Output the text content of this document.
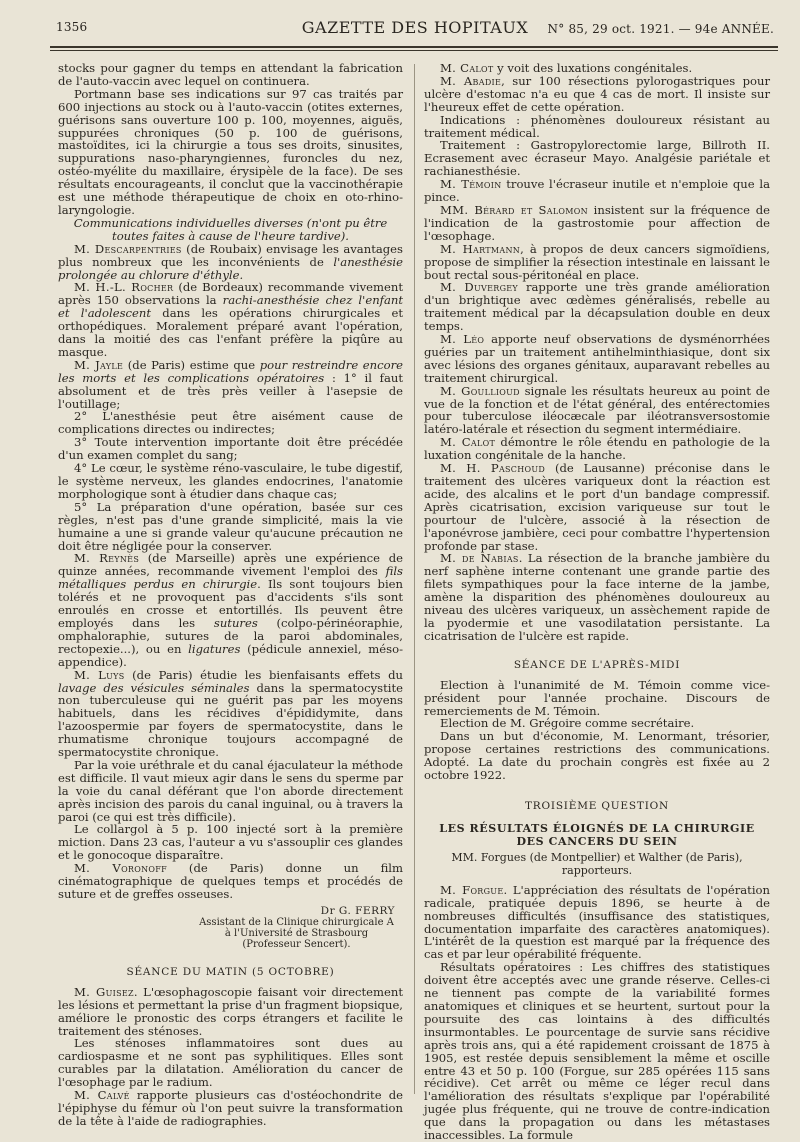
1356	GAZETTE DES HOPITAUX	N° 85, 29 oct. 1921. — 94e ANNÉE.

stocks pour gagner du temps en attendant la fabrication de l'auto-vaccin avec lequel on continuera.

Portmann base ses indications sur 97 cas traités par 600 injections au stock ou à l'auto-vaccin (otites externes, guérisons sans ouverture 100 p. 100, moyennes, aiguës, suppurées chroniques (50 p. 100 de guérisons, mastoïdites, ici la chirurgie a tous ses droits, sinusites, suppurations naso-pharyngiennes, furoncles du nez, ostéo-myélite du maxillaire, érysipèle de la face). De ses résultats encourageants, il conclut que la vaccinothérapie est une méthode thérapeutique de choix en oto-rhino-laryngologie.

Communications individuelles diverses (n'ont pu être toutes faites à cause de l'heure tardive).

M. Descarpentries (de Roubaix) envisage les avantages plus nombreux que les inconvénients de l'anesthésie prolongée au chlorure d'éthyle.

M. H.-L. Rocher (de Bordeaux) recommande vivement après 150 observations la rachi-anesthésie chez l'enfant et l'adolescent dans les opérations chirurgicales et orthopédiques. Moralement préparé avant l'opération, dans la moitié des cas l'enfant préfère la piqûre au masque.

M. Jayle (de Paris) estime que pour restreindre encore les morts et les complications opératoires : 1° il faut absolument et de très près veiller à l'asepsie de l'outillage;

2° L'anesthésie peut être aisément cause de complications directes ou indirectes;

3° Toute intervention importante doit être précédée d'un examen complet du sang;

4° Le cœur, le système réno-vasculaire, le tube digestif, le système nerveux, les glandes endocrines, l'anatomie morphologique sont à étudier dans chaque cas;

5° La préparation d'une opération, basée sur ces règles, n'est pas d'une grande simplicité, mais la vie humaine a une si grande valeur qu'aucune précaution ne doit être négligée pour la conserver.

M. Reynès (de Marseille) après une expérience de quinze années, recommande vivement l'emploi des fils métalliques perdus en chirurgie. Ils sont toujours bien tolérés et ne provoquent pas d'accidents s'ils sont enroulés en crosse et entortillés. Ils peuvent être employés dans les sutures (colpo-périnéoraphie, omphaloraphie, sutures de la paroi abdominales, rectopexie...), ou en ligatures (pédicule annexiel, méso-appendice).

M. Luys (de Paris) étudie les bienfaisants effets du lavage des vésicules séminales dans la spermatocystite non tuberculeuse qui ne guérit pas par les moyens habituels, dans les récidives d'épididymite, dans l'azoospermie par foyers de spermatocystite, dans le rhumatisme chronique toujours accompagné de spermatocystite chronique.

Par la voie uréthrale et du canal éjaculateur la méthode est difficile. Il vaut mieux agir dans le sens du sperme par la voie du canal déférant que l'on aborde directement après incision des parois du canal inguinal, ou à travers la paroi (ce qui est très difficile).

Le collargol à 5 p. 100 injecté sort à la première miction. Dans 23 cas, l'auteur a vu s'assouplir ces glandes et le gonocoque disparaître.

M. Voronoff (de Paris) donne un film cinématographique de quelques temps et procédés de suture et de greffes osseuses.

Dr G. FERRY
Assistant de la Clinique chirurgicale A
à l'Université de Strasbourg
(Professeur Sencert).
SÉANCE DU MATIN (5 OCTOBRE)

M. Guisez. L'œsophagoscopie faisant voir directement les lésions et permettant la prise d'un fragment biopsique, améliore le pronostic des corps étrangers et facilite le traitement des sténoses.

Les sténoses inflammatoires sont dues au cardiospasme et ne sont pas syphilitiques. Elles sont curables par la dilatation. Amélioration du cancer de l'œsophage par le radium.

M. Calvé rapporte plusieurs cas d'ostéochondrite de l'épiphyse du fémur où l'on peut suivre la transformation de la tête à l'aide de radiographies.

M. Calot y voit des luxations congénitales.

M. Abadie, sur 100 résections pylorogastriques pour ulcère d'estomac n'a eu que 4 cas de mort. Il insiste sur l'heureux effet de cette opération.

Indications : phénomènes douloureux résistant au traitement médical.

Traitement : Gastropylorectomie large, Billroth II. Ecrasement avec écraseur Mayo. Analgésie pariétale et rachianesthésie.

M. Témoin trouve l'écraseur inutile et n'emploie que la pince.

MM. Bérard et Salomon insistent sur la fréquence de l'indication de la gastrostomie pour affection de l'œsophage.

M. Hartmann, à propos de deux cancers sigmoïdiens, propose de simplifier la résection intestinale en laissant le bout rectal sous-péritonéal en place.

M. Duvergey rapporte une très grande amélioration d'un brightique avec œdèmes généralisés, rebelle au traitement médical par la décapsulation double en deux temps.

M. Léo apporte neuf observations de dysménorrhées guéries par un traitement antihelminthiasique, dont six avec lésions des organes génitaux, auparavant rebelles au traitement chirurgical.

M. Goullioud signale les résultats heureux au point de vue de la fonction et de l'état général, des entérectomies pour tuberculose iléocæcale par iléotransversostomie latéro-latérale et résection du segment intermédiaire.

M. Calot démontre le rôle étendu en pathologie de la luxation congénitale de la hanche.

M. H. Paschoud (de Lausanne) préconise dans le traitement des ulcères variqueux dont la réaction est acide, des alcalins et le port d'un bandage compressif. Après cicatrisation, excision variqueuse sur tout le pourtour de l'ulcère, associé à la résection de l'aponévrose jambière, ceci pour combattre l'hypertension profonde par stase.

M. de Nabias. La résection de la branche jambière du nerf saphène interne contenant une grande partie des filets sympathiques pour la face interne de la jambe, amène la disparition des phénomènes douloureux au niveau des ulcères variqueux, un assèchement rapide de la pyodermie et une vasodilatation persistante. La cicatrisation de l'ulcère est rapide.

SÉANCE DE L'APRÈS-MIDI

Election à l'unanimité de M. Témoin comme vice-président pour l'année prochaine. Discours de remerciements de M. Témoin.

Election de M. Grégoire comme secrétaire.

Dans un but d'économie, M. Lenormant, trésorier, propose certaines restrictions des communications. Adopté. La date du prochain congrès est fixée au 2 octobre 1922.

TROISIÈME QUESTION
LES RÉSULTATS ÉLOIGNÉS DE LA CHIRURGIE DES CANCERS DU SEIN
MM. Forgues (de Montpellier) et Walther (de Paris), rapporteurs.

M. Forgue. L'appréciation des résultats de l'opération radicale, pratiquée depuis 1896, se heurte à de nombreuses difficultés (insuffisance des statistiques, documentation imparfaite des caractères anatomiques). L'intérêt de la question est marqué par la fréquence des cas et par leur opérabilité fréquente.

Résultats opératoires : Les chiffres des statistiques doivent être acceptés avec une grande réserve. Celles-ci ne tiennent pas compte de la variabilité formes anatomiques et cliniques et se heurtent, surtout pour la poursuite des cas lointains à des difficultés insurmontables. Le pourcentage de survie sans récidive après trois ans, qui a été rapidement croissant de 1875 à 1905, est restée depuis sensiblement la même et oscille entre 43 et 50 p. 100 (Forgue, sur 285 opérées 115 sans récidive). Cet arrêt ou même ce léger recul dans l'amélioration des résultats s'explique par l'opérabilité jugée plus fréquente, qui ne trouve de contre-indication que dans la propagation ou dans les métastases inaccessibles. La formule
